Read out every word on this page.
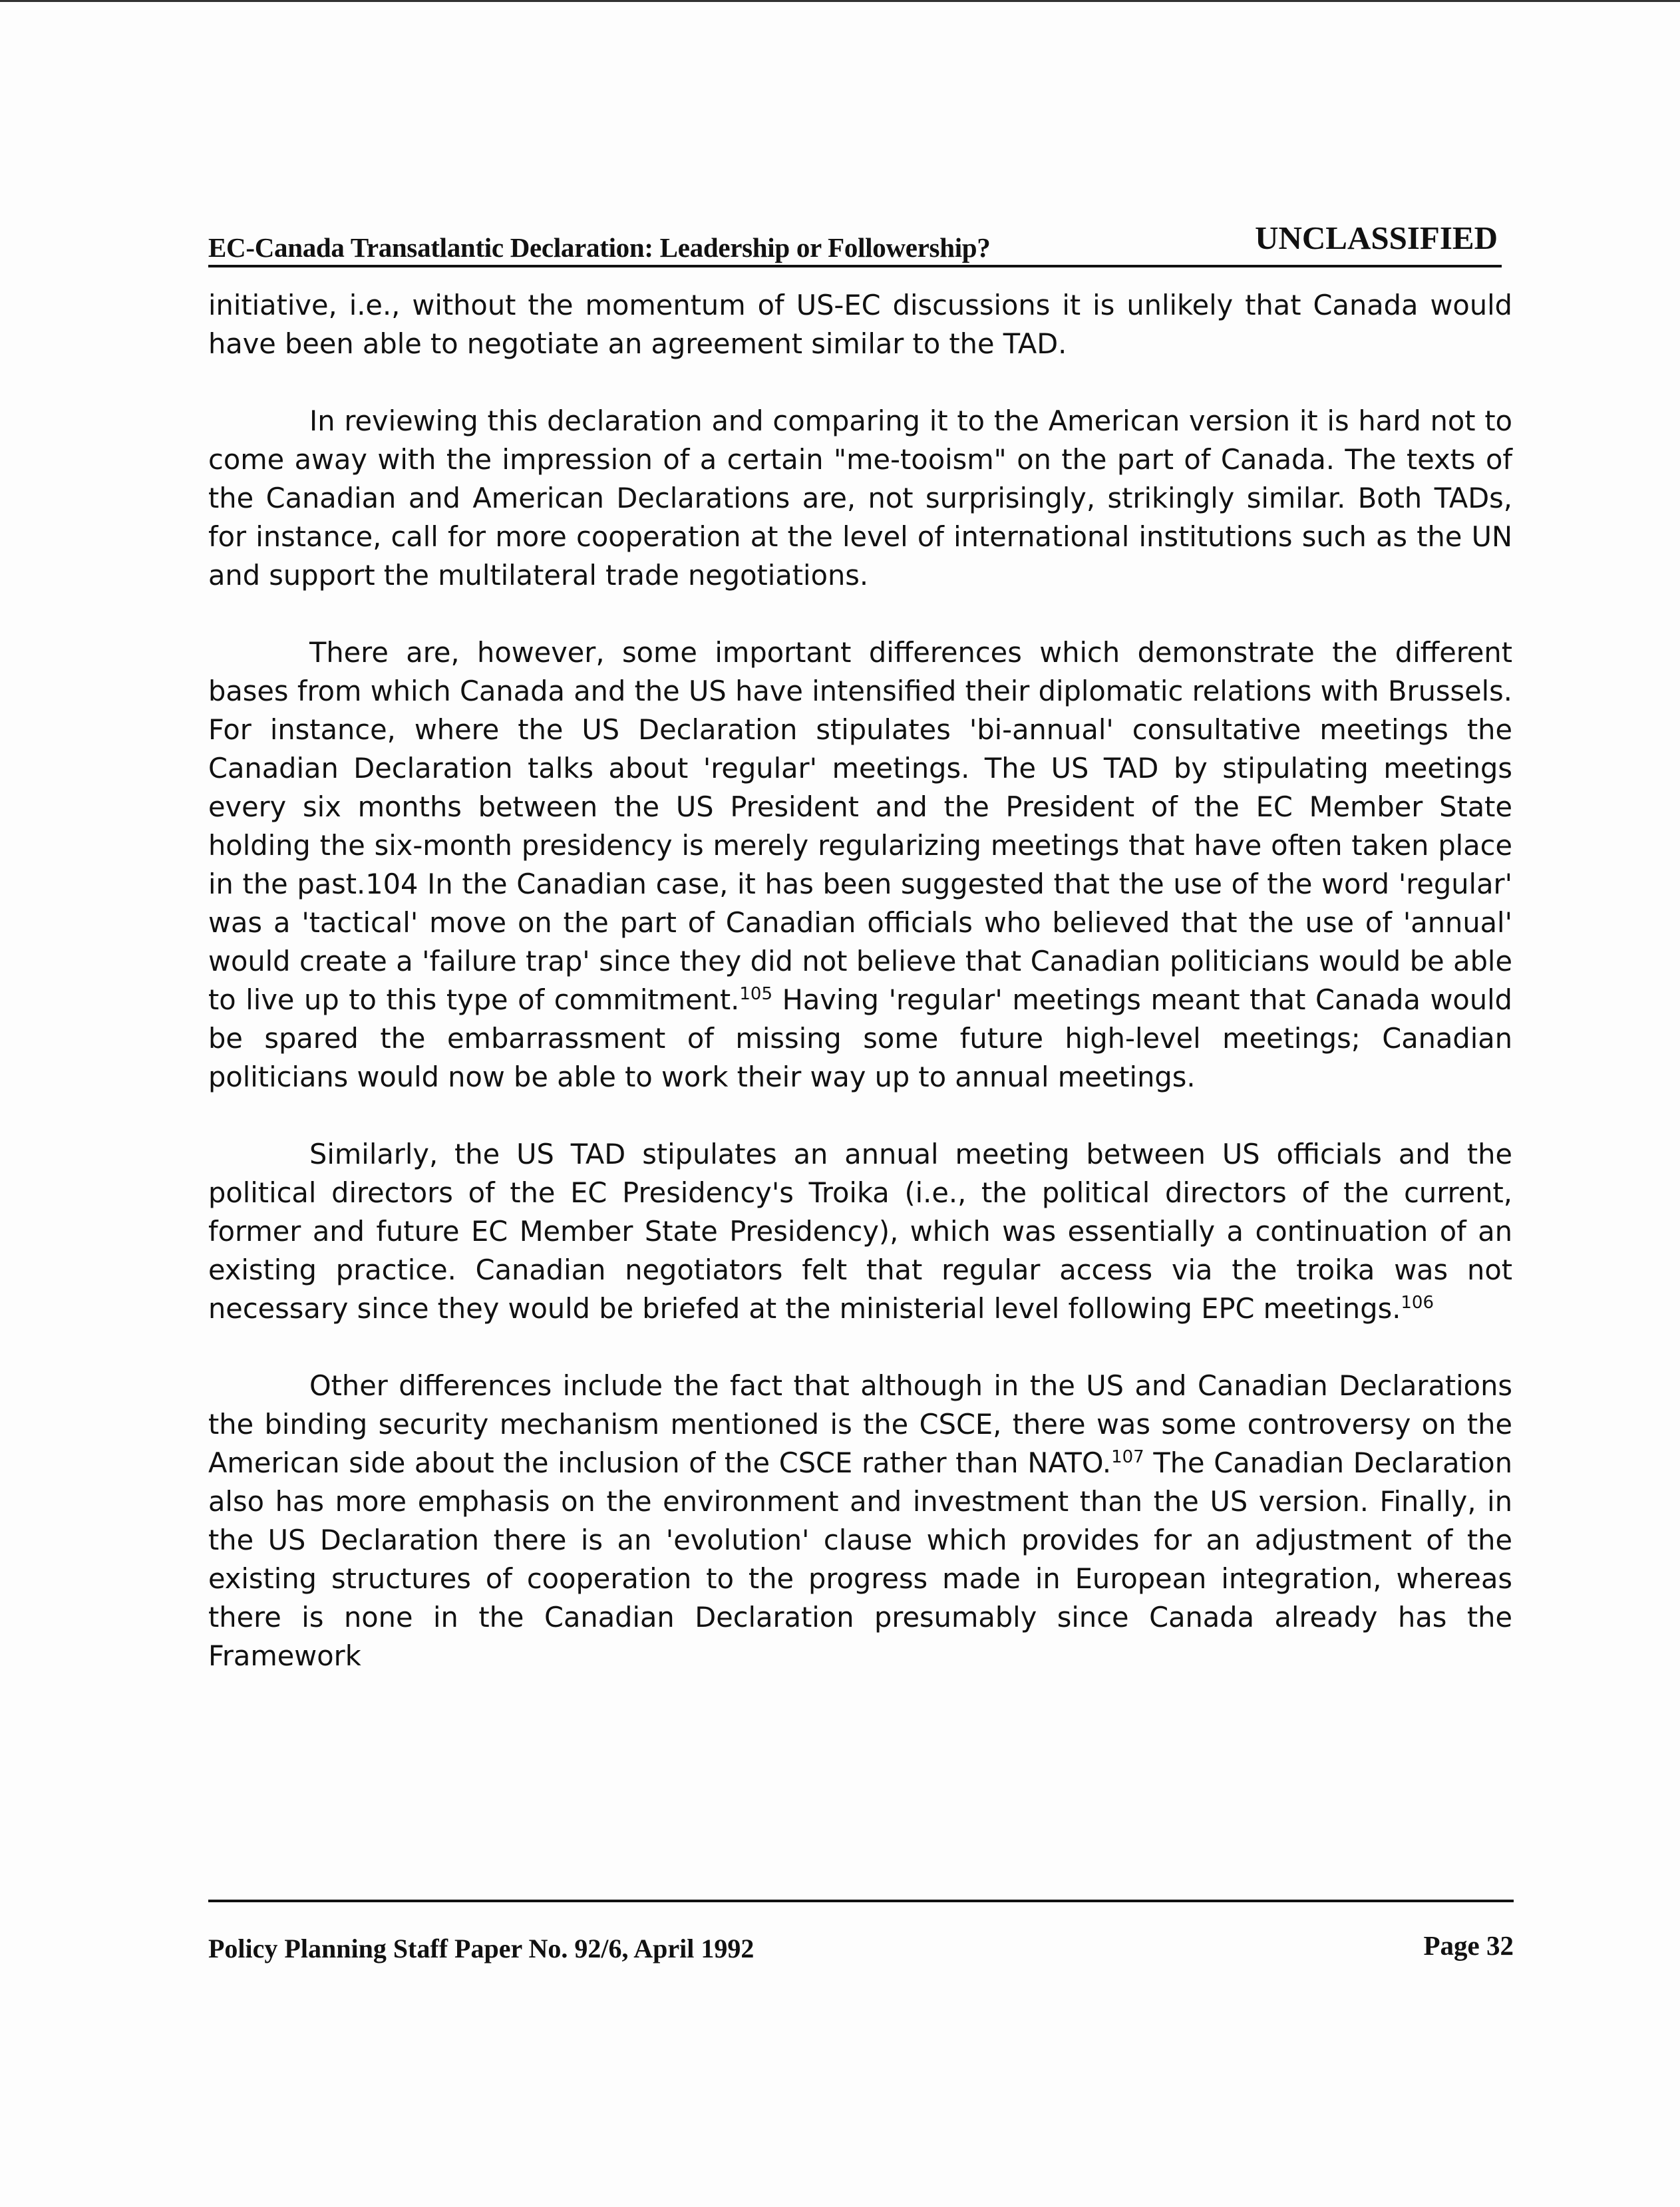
EC-Canada Transatlantic Declaration: Leadership or Followership?	UNCLASSIFIED

initiative, i.e., without the momentum of US-EC discussions it is unlikely that Canada would have been able to negotiate an agreement similar to the TAD.

In reviewing this declaration and comparing it to the American version it is hard not to come away with the impression of a certain "me-tooism" on the part of Canada. The texts of the Canadian and American Declarations are, not surprisingly, strikingly similar. Both TADs, for instance, call for more cooperation at the level of international institutions such as the UN and support the multilateral trade negotiations.

There are, however, some important differences which demonstrate the different bases from which Canada and the US have intensified their diplomatic relations with Brussels. For instance, where the US Declaration stipulates 'bi-annual' consultative meetings the Canadian Declaration talks about 'regular' meetings. The US TAD by stipulating meetings every six months between the US President and the President of the EC Member State holding the six-month presidency is merely regularizing meetings that have often taken place in the past.104 In the Canadian case, it has been suggested that the use of the word 'regular' was a 'tactical' move on the part of Canadian officials who believed that the use of 'annual' would create a 'failure trap' since they did not believe that Canadian politicians would be able to live up to this type of commitment.$^{105}$ Having 'regular' meetings meant that Canada would be spared the embarrassment of missing some future high-level meetings; Canadian politicians would now be able to work their way up to annual meetings.

Similarly, the US TAD stipulates an annual meeting between US officials and the political directors of the EC Presidency's Troika (i.e., the political directors of the current, former and future EC Member State Presidency), which was essentially a continuation of an existing practice. Canadian negotiators felt that regular access via the troika was not necessary since they would be briefed at the ministerial level following EPC meetings.$^{106}$

Other differences include the fact that although in the US and Canadian Declarations the binding security mechanism mentioned is the CSCE, there was some controversy on the American side about the inclusion of the CSCE rather than NATO.$^{107}$ The Canadian Declaration also has more emphasis on the environment and investment than the US version. Finally, in the US Declaration there is an 'evolution' clause which provides for an adjustment of the existing structures of cooperation to the progress made in European integration, whereas there is none in the Canadian Declaration presumably since Canada already has the Framework

Policy Planning Staff Paper No. 92/6, April 1992	Page 32
